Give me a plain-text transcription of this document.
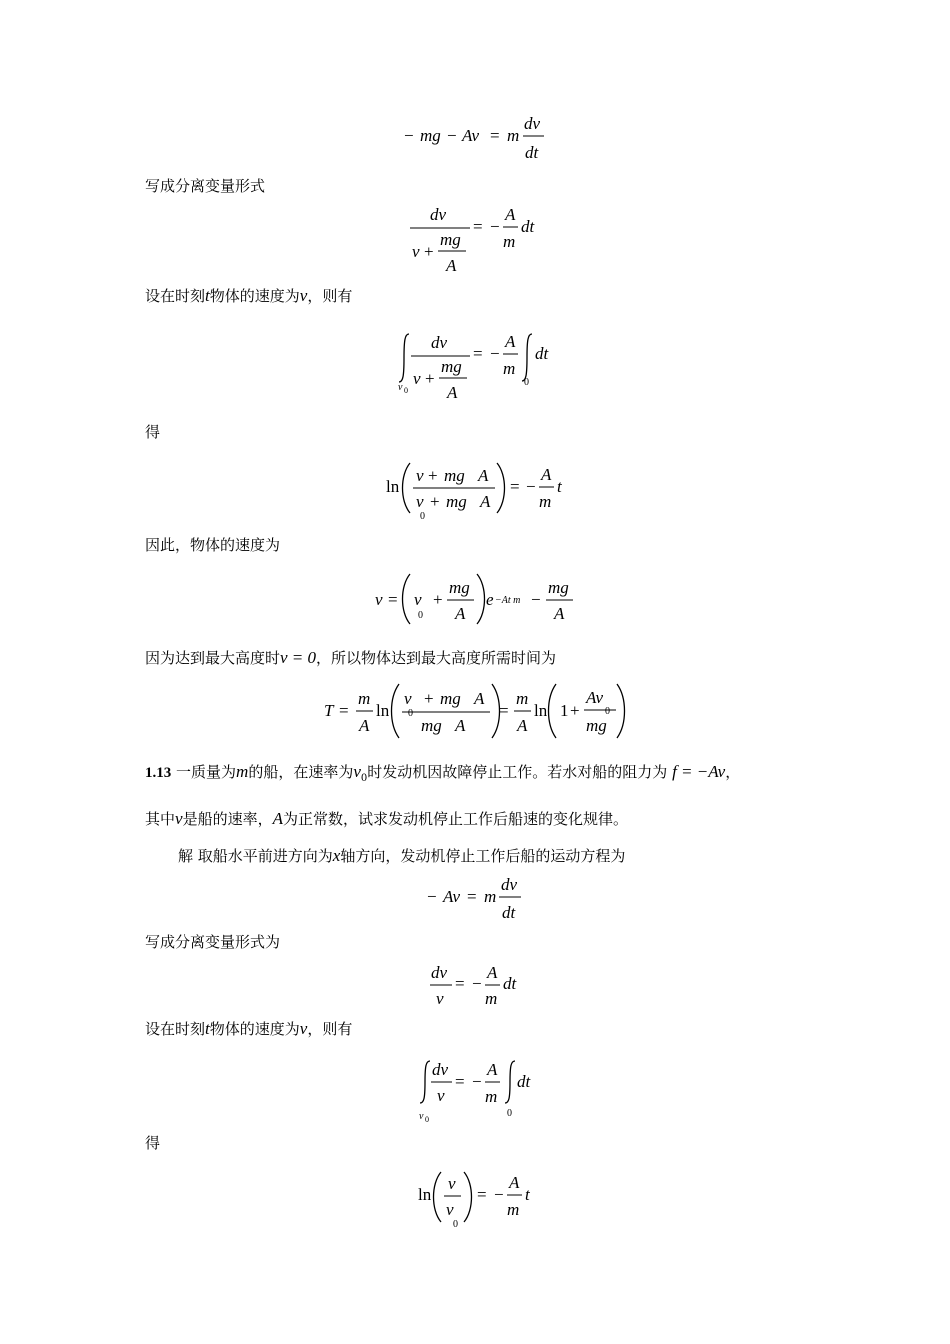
− mg − Av = m
dv
dt
写成分离变量形式
dv
v +
mg
A
= −
A
m
dt
设在时刻t物体的速度为v，则有
v 0
dv
v +
mg
A
= −
A
m
dt
0
得
ln
v + mg A
v
0
+ mg A
= −
A
m
t
因此，物体的速度为
v = v
0
+
mg
A
e −At m −
mg
A
因为达到最大高度时v = 0，所以物体达到最大高度所需时间为
T =
m
A
ln
v
0
+ mg A
mg A
=
m
A
ln 1 +
Av
0
mg
1.13 一质量为m的船，在速率为$v_0$时发动机因故障停止工作。若水对船的阻力为 f = −Av，
其中v是船的速率，A为正常数，试求发动机停止工作后船速的变化规律。
解 取船水平前进方向为x轴方向，发动机停止工作后船的运动方程为
− Av = m
dv
dt
写成分离变量形式为
dv
v
= −
A
m
dt
设在时刻t物体的速度为v，则有
v 0
dv
v
= −
A
m
dt
0
得
ln
v
v
0
= −
A
m
t
